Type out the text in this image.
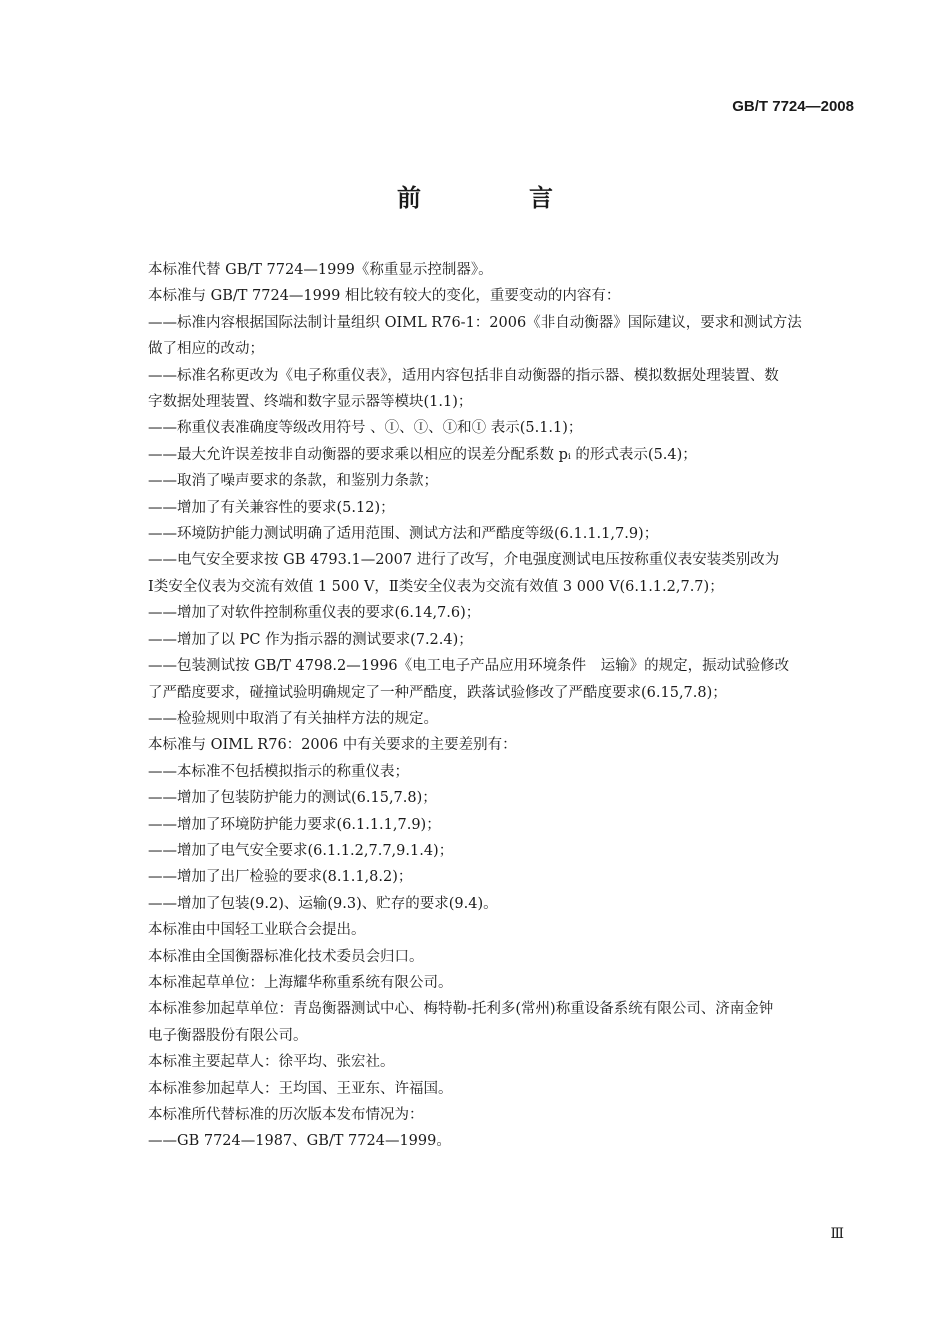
GB/T 7724—2008
前　言

本标准代替 GB/T 7724—1999《称重显示控制器》。

本标准与 GB/T 7724—1999 相比较有较大的变化，重要变动的内容有：

——标准内容根据国际法制计量组织 OIML R76-1：2006《非自动衡器》国际建议，要求和测试方法

做了相应的改动；

——标准名称更改为《电子称重仪表》，适用内容包括非自动衡器的指示器、模拟数据处理装置、数

字数据处理装置、终端和数字显示器等模块(1.1)；

——称重仪表准确度等级改用符号 、Ⓘ、Ⓘ、Ⓘ和Ⓘ 表示(5.1.1)；

——最大允许误差按非自动衡器的要求乘以相应的误差分配系数 pᵢ 的形式表示(5.4)；

——取消了噪声要求的条款，和鉴别力条款；

——增加了有关兼容性的要求(5.12)；

——环境防护能力测试明确了适用范围、测试方法和严酷度等级(6.1.1.1,7.9)；

——电气安全要求按 GB 4793.1—2007 进行了改写，介电强度测试电压按称重仪表安装类别改为

Ⅰ类安全仪表为交流有效值 1 500 V，Ⅱ类安全仪表为交流有效值 3 000 V(6.1.1.2,7.7)；

——增加了对软件控制称重仪表的要求(6.14,7.6)；

——增加了以 PC 作为指示器的测试要求(7.2.4)；

——包装测试按 GB/T 4798.2—1996《电工电子产品应用环境条件　运输》的规定，振动试验修改

了严酷度要求，碰撞试验明确规定了一种严酷度，跌落试验修改了严酷度要求(6.15,7.8)；

——检验规则中取消了有关抽样方法的规定。

本标准与 OIML R76：2006 中有关要求的主要差别有：

——本标准不包括模拟指示的称重仪表；

——增加了包装防护能力的测试(6.15,7.8)；

——增加了环境防护能力要求(6.1.1.1,7.9)；

——增加了电气安全要求(6.1.1.2,7.7,9.1.4)；

——增加了出厂检验的要求(8.1.1,8.2)；

——增加了包装(9.2)、运输(9.3)、贮存的要求(9.4)。

本标准由中国轻工业联合会提出。

本标准由全国衡器标准化技术委员会归口。

本标准起草单位：上海耀华称重系统有限公司。

本标准参加起草单位：青岛衡器测试中心、梅特勒-托利多(常州)称重设备系统有限公司、济南金钟

电子衡器股份有限公司。

本标准主要起草人：徐平均、张宏社。

本标准参加起草人：王均国、王亚东、许福国。

本标准所代替标准的历次版本发布情况为：

——GB 7724—1987、GB/T 7724—1999。

Ⅲ
